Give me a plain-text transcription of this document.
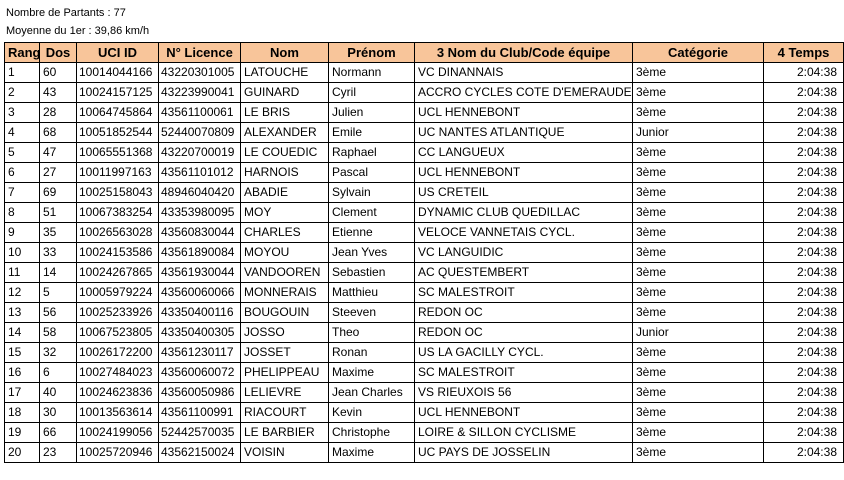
Nombre de Partants : 77
Moyenne du 1er : 39,86 km/h
Rang	Dos	UCI ID	N° Licence	Nom	Prénom	3 Nom du Club/Code équipe	Catégorie	4 Temps
1	60	10014044166	43220301005	LATOUCHE	Normann	VC DINANNAIS	3ème	2:04:38
2	43	10024157125	43223990041	GUINARD	Cyril	ACCRO CYCLES COTE D'EMERAUDE	3ème	2:04:38
3	28	10064745864	43561100061	LE BRIS	Julien	UCL HENNEBONT	3ème	2:04:38
4	68	10051852544	52440070809	ALEXANDER	Emile	UC NANTES ATLANTIQUE	Junior	2:04:38
5	47	10065551368	43220700019	LE COUEDIC	Raphael	CC LANGUEUX	3ème	2:04:38
6	27	10011997163	43561101012	HARNOIS	Pascal	UCL HENNEBONT	3ème	2:04:38
7	69	10025158043	48946040420	ABADIE	Sylvain	US CRETEIL	3ème	2:04:38
8	51	10067383254	43353980095	MOY	Clement	DYNAMIC CLUB QUEDILLAC	3ème	2:04:38
9	35	10026563028	43560830044	CHARLES	Etienne	VELOCE VANNETAIS CYCL.	3ème	2:04:38
10	33	10024153586	43561890084	MOYOU	Jean Yves	VC LANGUIDIC	3ème	2:04:38
11	14	10024267865	43561930044	VANDOOREN	Sebastien	AC QUESTEMBERT	3ème	2:04:38
12	5	10005979224	43560060066	MONNERAIS	Matthieu	SC MALESTROIT	3ème	2:04:38
13	56	10025233926	43350400116	BOUGOUIN	Steeven	REDON OC	3ème	2:04:38
14	58	10067523805	43350400305	JOSSO	Theo	REDON OC	Junior	2:04:38
15	32	10026172200	43561230117	JOSSET	Ronan	US LA GACILLY CYCL.	3ème	2:04:38
16	6	10027484023	43560060072	PHELIPPEAU	Maxime	SC MALESTROIT	3ème	2:04:38
17	40	10024623836	43560050986	LELIEVRE	Jean Charles	VS RIEUXOIS 56	3ème	2:04:38
18	30	10013563614	43561100991	RIACOURT	Kevin	UCL HENNEBONT	3ème	2:04:38
19	66	10024199056	52442570035	LE BARBIER	Christophe	LOIRE & SILLON CYCLISME	3ème	2:04:38
20	23	10025720946	43562150024	VOISIN	Maxime	UC PAYS DE JOSSELIN	3ème	2:04:38
